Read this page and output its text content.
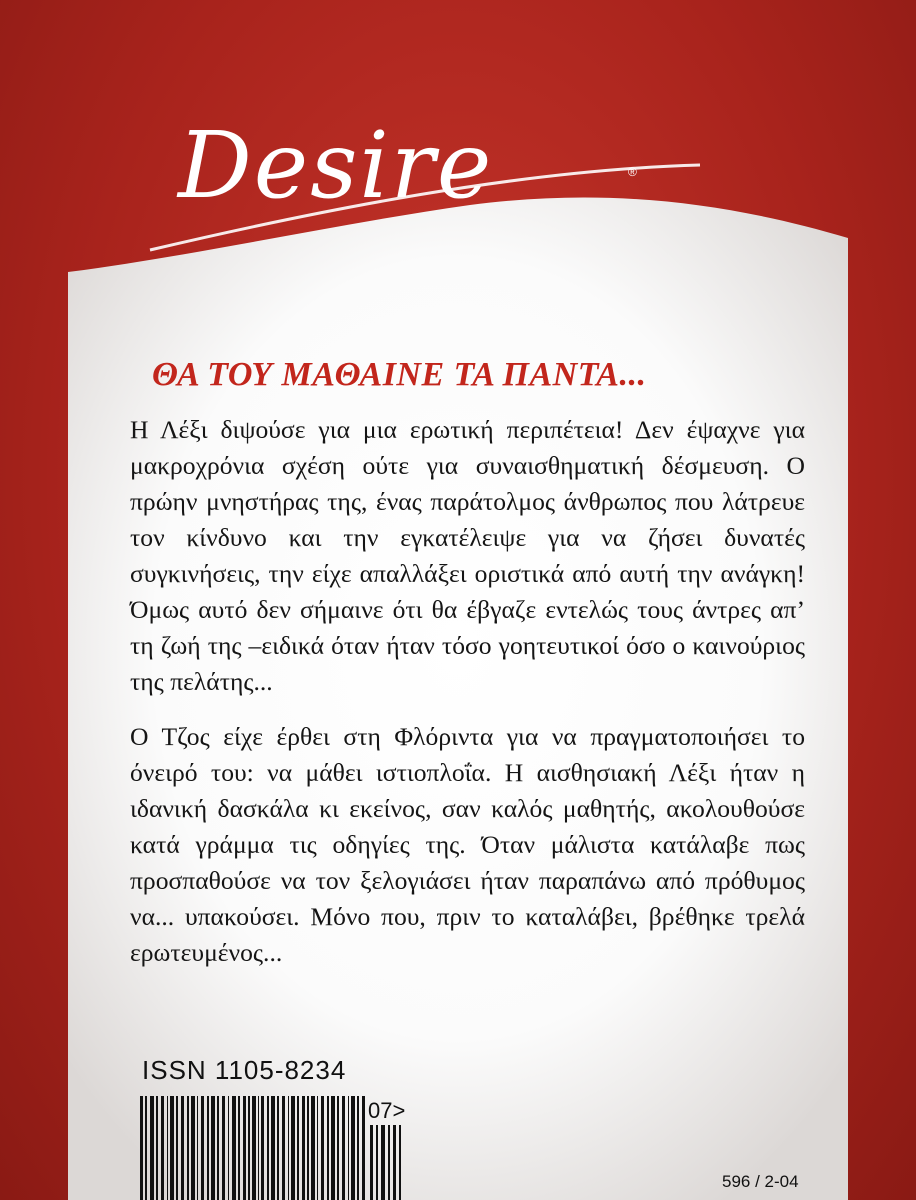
Desire	®
ΘΑ ΤΟΥ ΜΑΘΑΙΝΕ ΤΑ ΠΑΝΤΑ...

Η Λέξι διψούσε για μια ερωτική περιπέτεια! Δεν έψαχνε για μακροχρόνια σχέση ούτε για συναισθηματική δέσμευση. Ο πρώην μνηστήρας της, ένας παράτολμος άνθρωπος που λάτρευε τον κίνδυνο και την εγκατέλειψε για να ζήσει δυνατές συγκινήσεις, την είχε απαλλάξει οριστικά από αυτή την ανάγκη! Όμως αυτό δεν σήμαινε ότι θα έβγαζε εντελώς τους άντρες απ’ τη ζωή της –ειδικά όταν ήταν τόσο γοητευτικοί όσο ο καινούριος της πελάτης...

Ο Τζος είχε έρθει στη Φλόριντα για να πραγματοποιήσει το όνειρό του: να μάθει ιστιοπλοΐα. Η αισθησιακή Λέξι ήταν η ιδανική δασκάλα κι εκείνος, σαν καλός μαθητής, ακολουθούσε κατά γράμμα τις οδηγίες της. Όταν μάλιστα κατάλαβε πως προσπαθούσε να τον ξελογιάσει ήταν παραπάνω από πρόθυμος να... υπακούσει. Μόνο που, πριν το καταλάβει, βρέθηκε τρελά ερωτευμένος...

ISSN 1105-8234
07>
596 / 2-04
